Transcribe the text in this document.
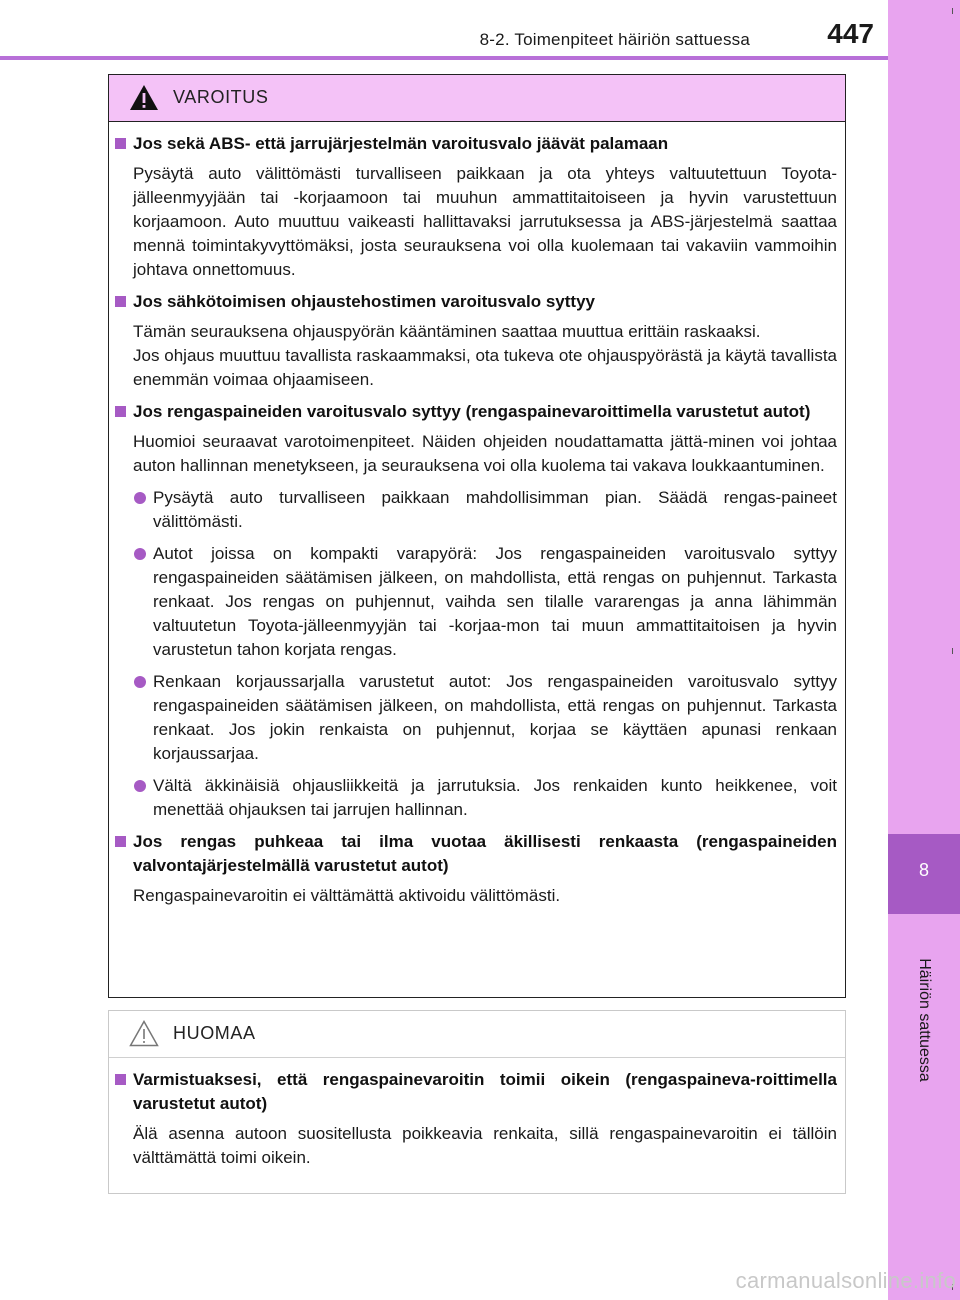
8-2. Toimenpiteet häiriön sattuessa	447
8
Häiriön sattuessa
VAROITUS
Jos sekä ABS- että jarrujärjestelmän varoitusvalo jäävät palamaan
Pysäytä auto välittömästi turvalliseen paikkaan ja ota yhteys valtuutettuun Toyota-jälleenmyyjään tai -korjaamoon tai muuhun ammattitaitoiseen ja hyvin varustettuun korjaamoon. Auto muuttuu vaikeasti hallittavaksi jarrutuksessa ja ABS-järjestelmä saattaa mennä toimintakyvyttömäksi, josta seurauksena voi olla kuolemaan tai vakaviin vammoihin johtava onnettomuus.
Jos sähkötoimisen ohjaustehostimen varoitusvalo syttyy
Tämän seurauksena ohjauspyörän kääntäminen saattaa muuttua erittäin raskaaksi.
Jos ohjaus muuttuu tavallista raskaammaksi, ota tukeva ote ohjauspyörästä ja käytä tavallista enemmän voimaa ohjaamiseen.
Jos rengaspaineiden varoitusvalo syttyy (rengaspainevaroittimella varustetut autot)
Huomioi seuraavat varotoimenpiteet. Näiden ohjeiden noudattamatta jättä-minen voi johtaa auton hallinnan menetykseen, ja seurauksena voi olla kuolema tai vakava loukkaantuminen.
Pysäytä auto turvalliseen paikkaan mahdollisimman pian. Säädä rengas-paineet välittömästi.
Autot joissa on kompakti varapyörä: Jos rengaspaineiden varoitusvalo syttyy rengaspaineiden säätämisen jälkeen, on mahdollista, että rengas on puhjennut. Tarkasta renkaat. Jos rengas on puhjennut, vaihda sen tilalle vararengas ja anna lähimmän valtuutetun Toyota-jälleenmyyjän tai -korjaa-mon tai muun ammattitaitoisen ja hyvin varustetun tahon korjata rengas.
Renkaan korjaussarjalla varustetut autot: Jos rengaspaineiden varoitusvalo syttyy rengaspaineiden säätämisen jälkeen, on mahdollista, että rengas on puhjennut. Tarkasta renkaat. Jos jokin renkaista on puhjennut, korjaa se käyttäen apunasi renkaan korjaussarjaa.
Vältä äkkinäisiä ohjausliikkeitä ja jarrutuksia. Jos renkaiden kunto heikkenee, voit menettää ohjauksen tai jarrujen hallinnan.
Jos rengas puhkeaa tai ilma vuotaa äkillisesti renkaasta (rengaspaineiden valvontajärjestelmällä varustetut autot)
Rengaspainevaroitin ei välttämättä aktivoidu välittömästi.
HUOMAA
Varmistuaksesi, että rengaspainevaroitin toimii oikein (rengaspaineva-roittimella varustetut autot)
Älä asenna autoon suositellusta poikkeavia renkaita, sillä rengaspainevaroitin ei tällöin välttämättä toimi oikein.
carmanualsonline.info
